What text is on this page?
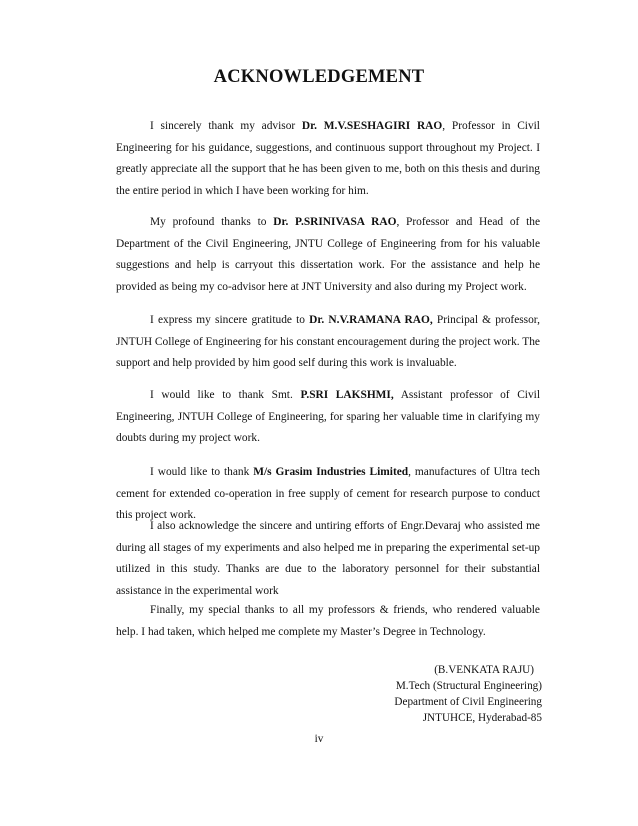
ACKNOWLEDGEMENT

I sincerely thank my advisor Dr. M.V.SESHAGIRI RAO, Professor in Civil Engineering for his guidance, suggestions, and continuous support throughout my Project. I greatly appreciate all the support that he has been given to me, both on this thesis and during the entire period in which I have been working for him.

My profound thanks to Dr. P.SRINIVASA RAO, Professor and Head of the Department of the Civil Engineering, JNTU College of Engineering from for his valuable suggestions and help is carryout this dissertation work. For the assistance and help he provided as being my co-advisor here at JNT University and also during my Project work.

I express my sincere gratitude to Dr. N.V.RAMANA RAO, Principal & professor, JNTUH College of Engineering for his constant encouragement during the project work. The support and help provided by him good self during this work is invaluable.

I would like to thank Smt. P.SRI LAKSHMI, Assistant professor of Civil Engineering, JNTUH College of Engineering, for sparing her valuable time in clarifying my doubts during my project work.

I would like to thank M/s Grasim Industries Limited, manufactures of Ultra tech cement for extended co-operation in free supply of cement for research purpose to conduct this project work.

I also acknowledge the sincere and untiring efforts of Engr.Devaraj who assisted me during all stages of my experiments and also helped me in preparing the experimental set-up utilized in this study. Thanks are due to the laboratory personnel for their substantial assistance in the experimental work

Finally, my special thanks to all my professors & friends, who rendered valuable help. I had taken, which helped me complete my Master’s Degree in Technology.

(B.VENKATA RAJU)
M.Tech (Structural Engineering)
Department of Civil Engineering
JNTUHCE, Hyderabad-85
iv
